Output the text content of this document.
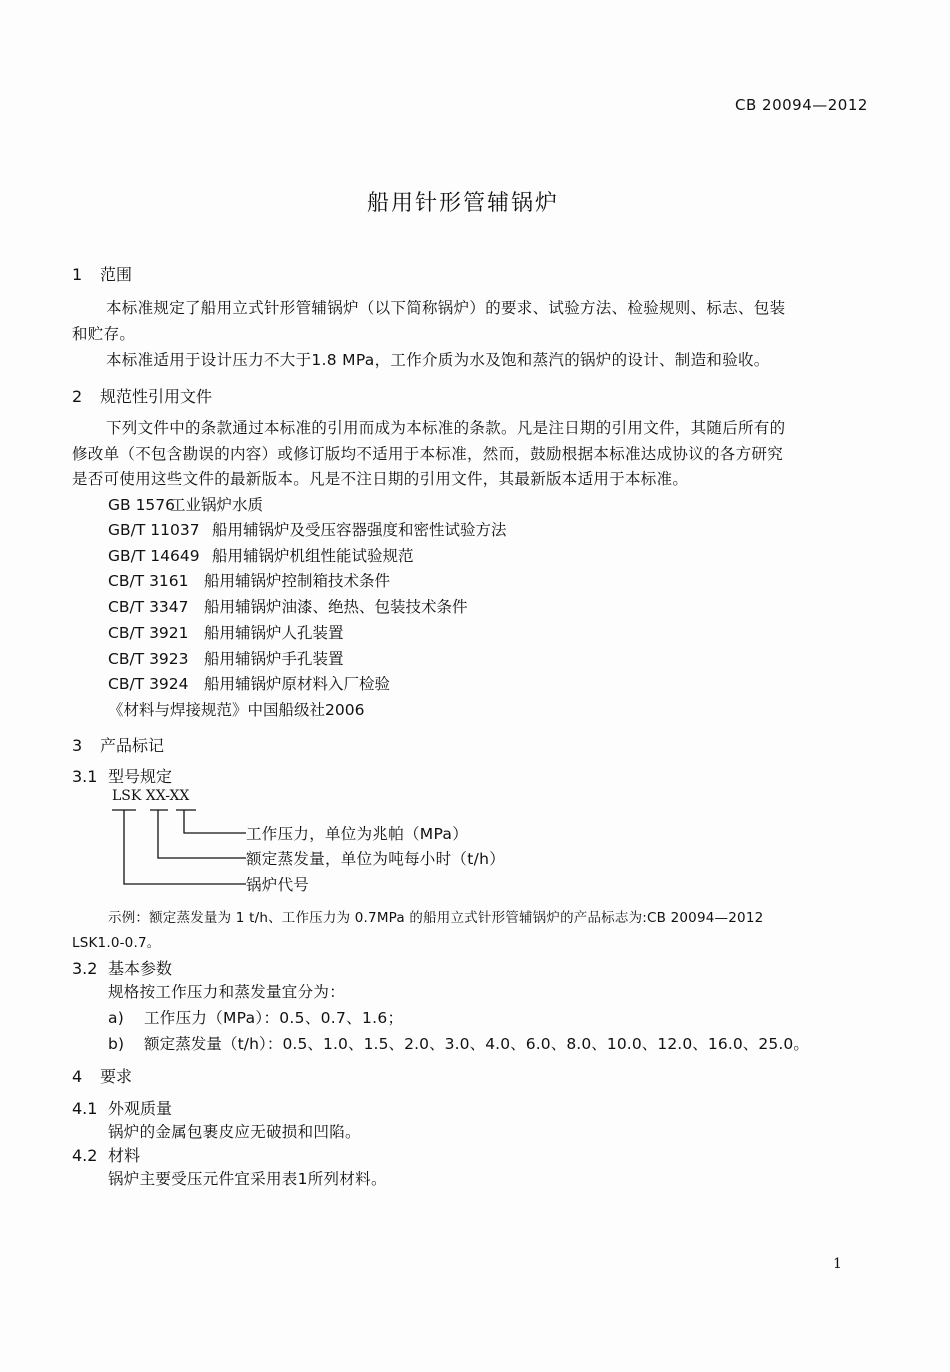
CB 20094—2012
船用针形管辅锅炉
1 范围
本标准规定了船用立式针形管辅锅炉（以下简称锅炉）的要求、试验方法、检验规则、标志、包装
和贮存。
本标准适用于设计压力不大于1.8 MPa，工作介质为水及饱和蒸汽的锅炉的设计、制造和验收。
2 规范性引用文件
下列文件中的条款通过本标准的引用而成为本标准的条款。凡是注日期的引用文件，其随后所有的
修改单（不包含勘误的内容）或修订版均不适用于本标准，然而，鼓励根据本标准达成协议的各方研究
是否可使用这些文件的最新版本。凡是不注日期的引用文件，其最新版本适用于本标准。
GB 1576工业锅炉水质
GB/T 11037 船用辅锅炉及受压容器强度和密性试验方法
GB/T 14649 船用辅锅炉机组性能试验规范
CB/T 3161 船用辅锅炉控制箱技术条件
CB/T 3347 船用辅锅炉油漆、绝热、包装技术条件
CB/T 3921 船用辅锅炉人孔装置
CB/T 3923 船用辅锅炉手孔装置
CB/T 3924 船用辅锅炉原材料入厂检验
《材料与焊接规范》中国船级社2006
3 产品标记
3.1 型号规定
LSK XX-XX
工作压力，单位为兆帕（MPa）
额定蒸发量，单位为吨每小时（t/h）
锅炉代号
示例：额定蒸发量为 1 t/h、工作压力为 0.7MPa 的船用立式针形管辅锅炉的产品标志为:CB 20094—2012
LSK1.0-0.7。
3.2 基本参数
规格按工作压力和蒸发量宜分为：
a) 工作压力（MPa）：0.5、0.7、1.6；
b) 额定蒸发量（t/h）：0.5、1.0、1.5、2.0、3.0、4.0、6.0、8.0、10.0、12.0、16.0、25.0。
4 要求
4.1 外观质量
锅炉的金属包裹皮应无破损和凹陷。
4.2 材料
锅炉主要受压元件宜采用表1所列材料。
1
